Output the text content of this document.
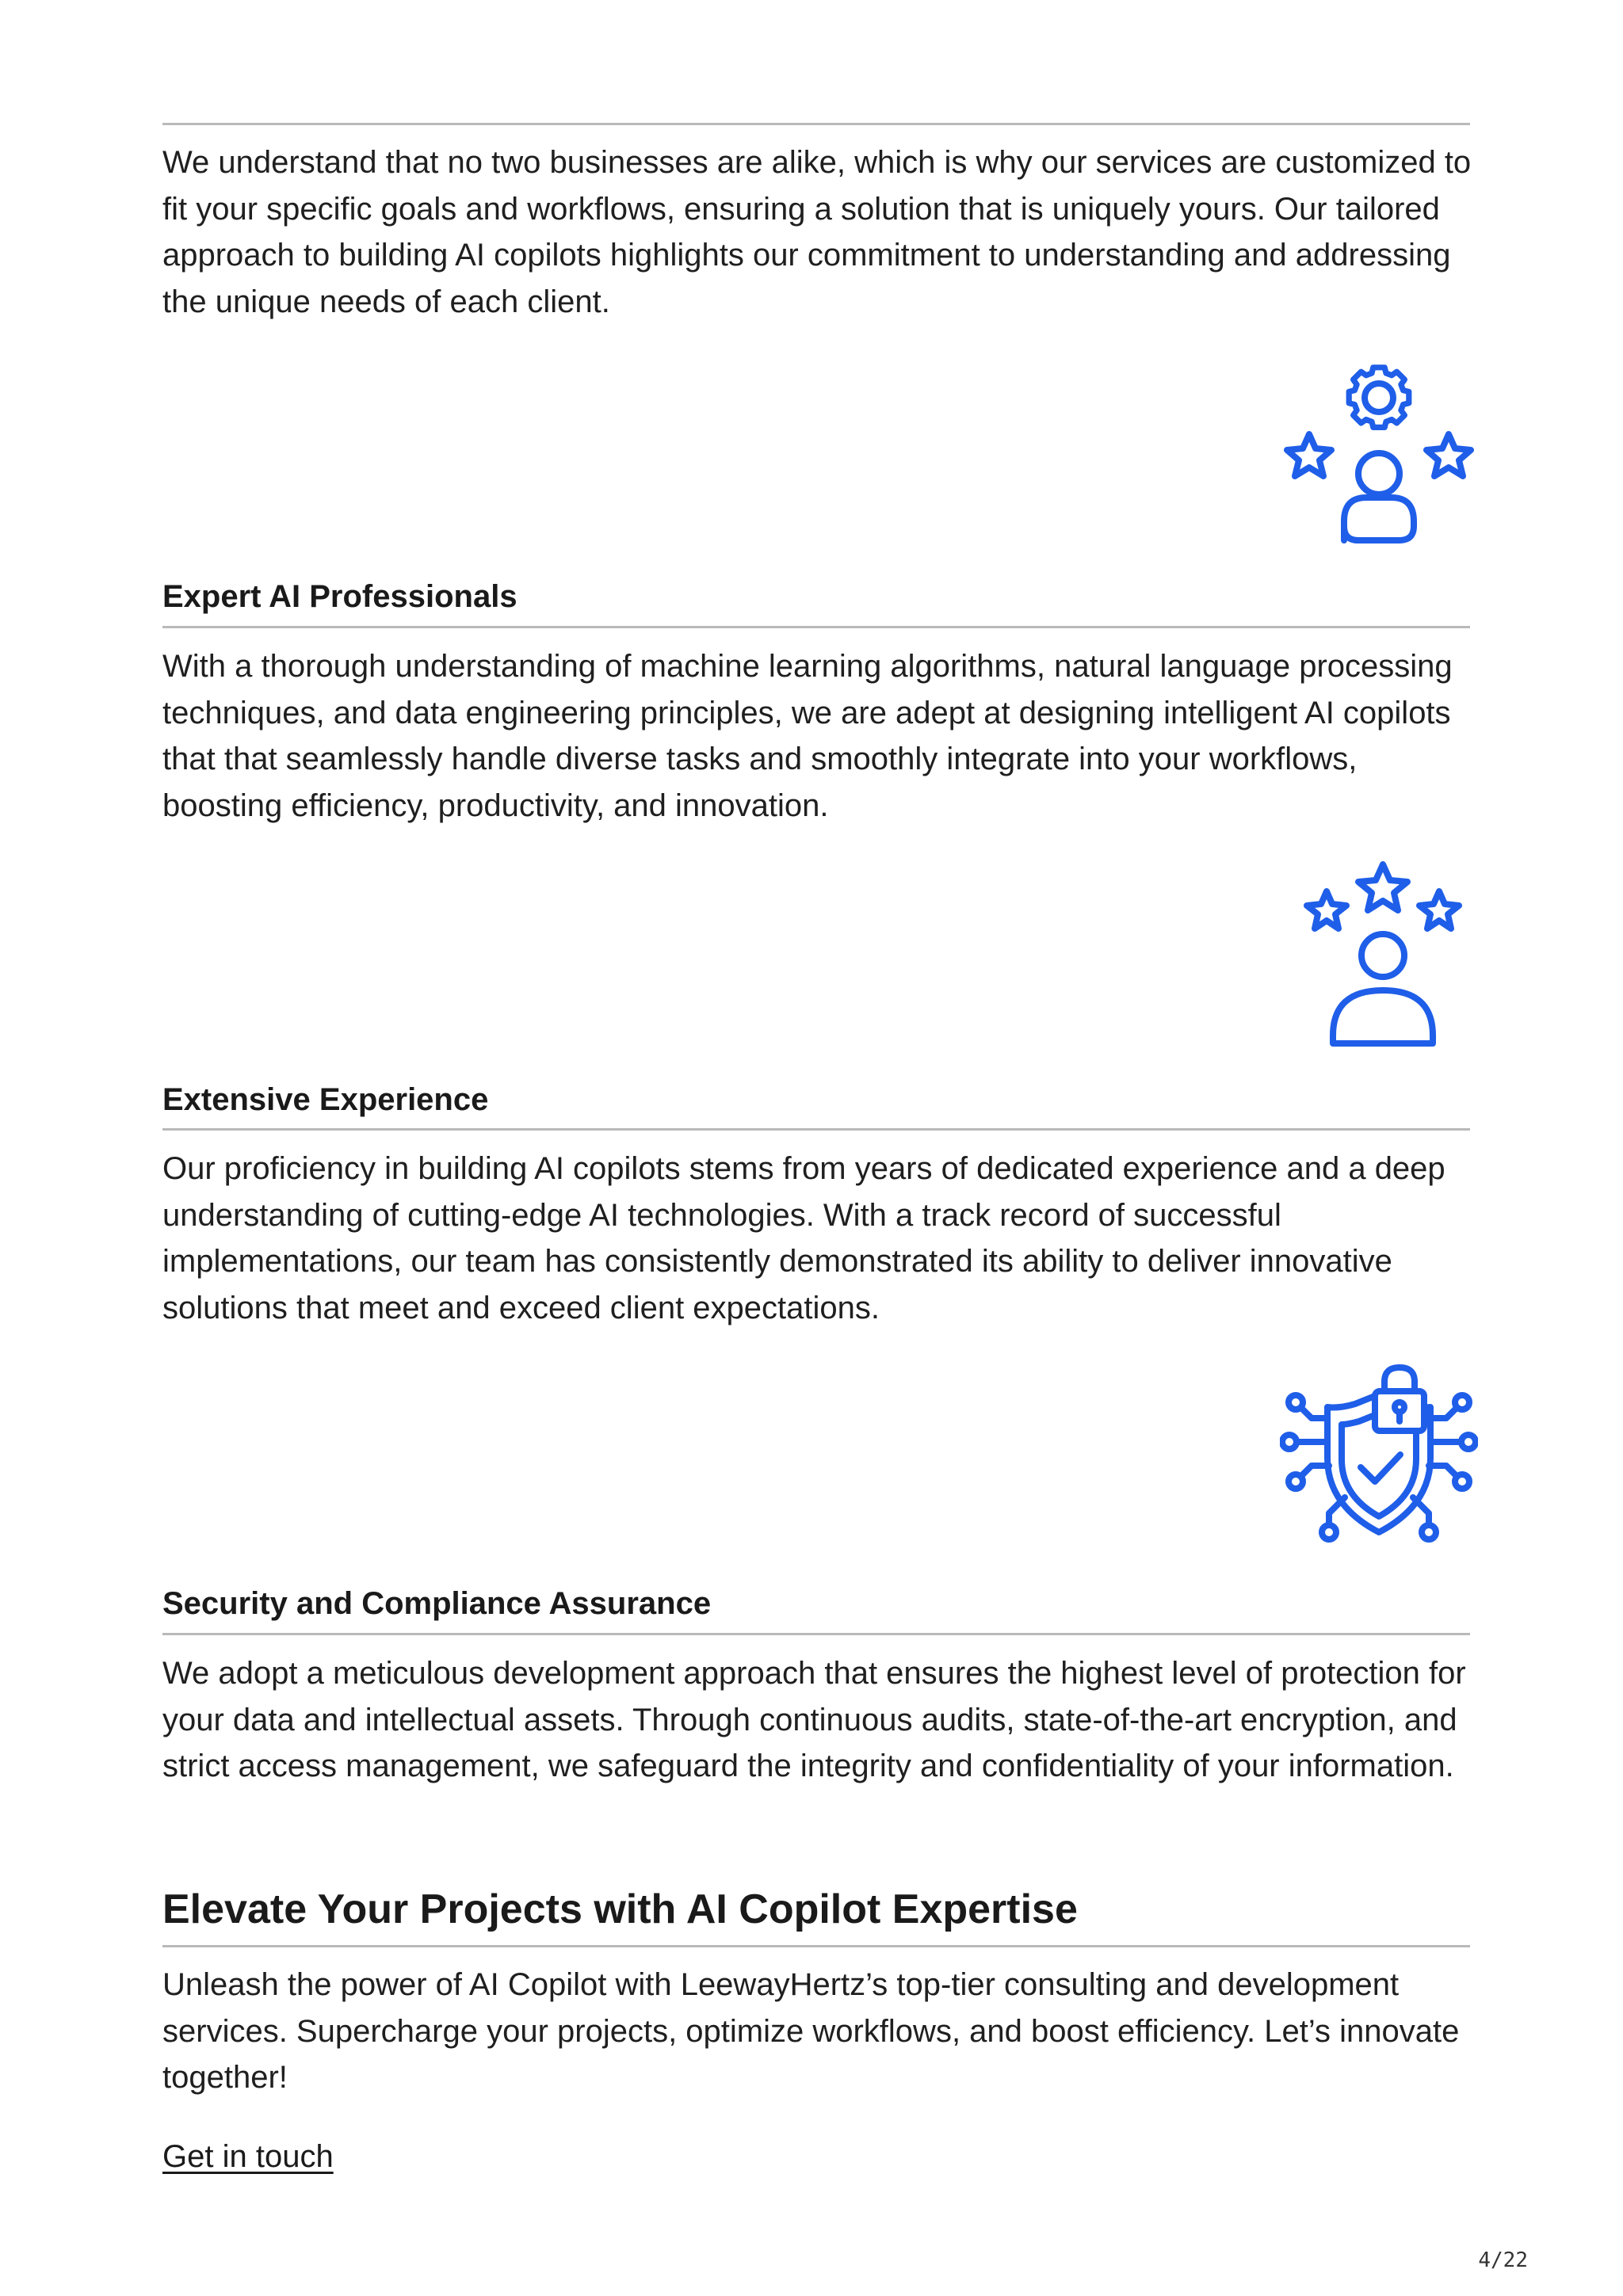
We understand that no two businesses are alike, which is why our services are customized to fit your specific goals and workflows, ensuring a solution that is uniquely yours. Our tailored approach to building AI copilots highlights our commitment to understanding and addressing the unique needs of each client.

Expert AI Professionals

With a thorough understanding of machine learning algorithms, natural language processing techniques, and data engineering principles, we are adept at designing intelligent AI copilots that that seamlessly handle diverse tasks and smoothly integrate into your workflows, boosting efficiency, productivity, and innovation.

Extensive Experience

Our proficiency in building AI copilots stems from years of dedicated experience and a deep understanding of cutting-edge AI technologies. With a track record of successful implementations, our team has consistently demonstrated its ability to deliver innovative solutions that meet and exceed client expectations.

Security and Compliance Assurance

We adopt a meticulous development approach that ensures the highest level of protection for your data and intellectual assets. Through continuous audits, state-of-the-art encryption, and strict access management, we safeguard the integrity and confidentiality of your information.

Elevate Your Projects with AI Copilot Expertise

Unleash the power of AI Copilot with LeewayHertz’s top-tier consulting and development services. Supercharge your projects, optimize workflows, and boost efficiency. Let’s innovate together!

Get in touch
4/22
